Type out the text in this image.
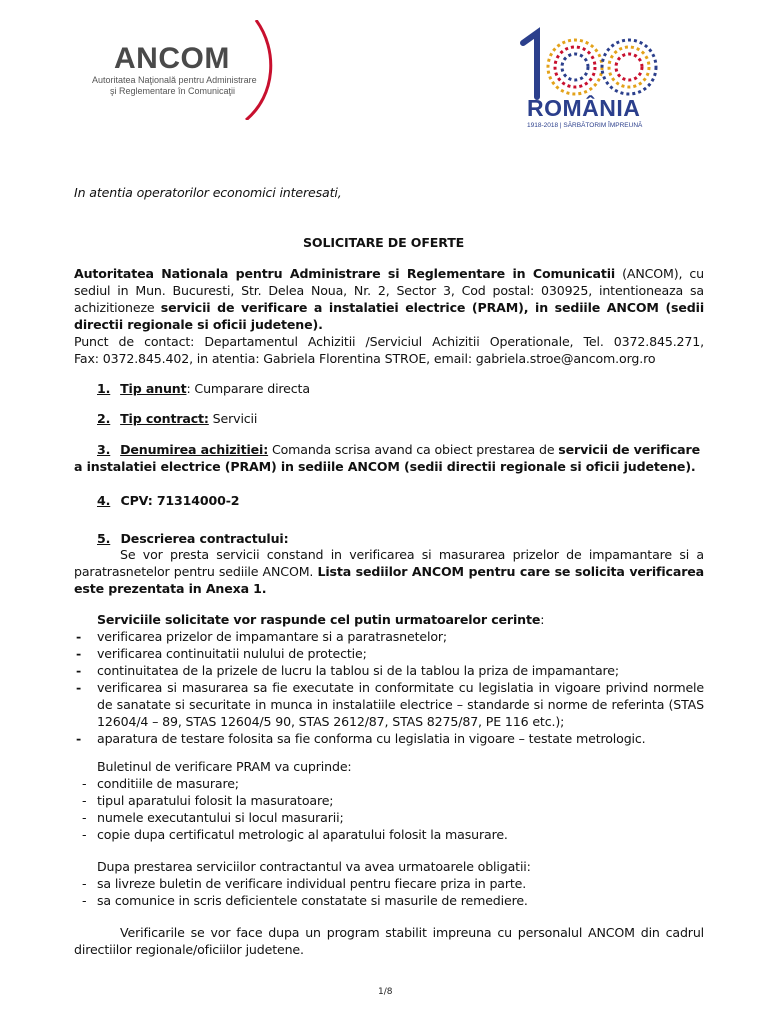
ANCOM
Autoritatea Naţională pentru Administrare
şi Reglementare în Comunicaţii
ROMÂNIA
1918-2018 | SĂRBĂTORIM ÎMPREUNĂ
In atentia operatorilor economici interesati,
SOLICITARE DE OFERTE
Autoritatea Nationala pentru Administrare si Reglementare in Comunicatii (ANCOM), cu
sediul in Mun. Bucuresti, Str. Delea Noua, Nr. 2, Sector 3, Cod postal: 030925, intentioneaza sa
achizitioneze servicii de verificare a instalatiei electrice (PRAM), in sediile ANCOM (sedii
directii regionale si oficii judetene).
Punct de contact: Departamentul Achizitii /Serviciul Achizitii Operationale, Tel. 0372.845.271,
Fax: 0372.845.402, in atentia: Gabriela Florentina STROE, email: gabriela.stroe@ancom.org.ro
1. Tip anunt: Cumparare directa
2. Tip contract: Servicii
3. Denumirea achizitiei: Comanda scrisa avand ca obiect prestarea de servicii de verificare
a instalatiei electrice (PRAM) in sediile ANCOM (sedii directii regionale si oficii judetene).
4. CPV: 71314000-2
5. Descrierea contractului:
Se vor presta servicii constand in verificarea si masurarea prizelor de impamantare si a
paratrasnetelor pentru sediile ANCOM. Lista sediilor ANCOM pentru care se solicita verificarea
este prezentata in Anexa 1.
Serviciile solicitate vor raspunde cel putin urmatoarelor cerinte:
-	verificarea prizelor de impamantare si a paratrasnetelor;
-	verificarea continuitatii nulului de protectie;
-	continuitatea de la prizele de lucru la tablou si de la tablou la priza de impamantare;
-	verificarea si masurarea sa fie executate in conformitate cu legislatia in vigoare privind normele
de sanatate si securitate in munca in instalatiile electrice – standarde si norme de referinta (STAS
12604/4 – 89, STAS 12604/5 90, STAS 2612/87, STAS 8275/87, PE 116 etc.);
-	aparatura de testare folosita sa fie conforma cu legislatia in vigoare – testate metrologic.
Buletinul de verificare PRAM va cuprinde:
- conditiile de masurare;
- tipul aparatului folosit la masuratoare;
- numele executantului si locul masurarii;
- copie dupa certificatul metrologic al aparatului folosit la masurare.
Dupa prestarea serviciilor contractantul va avea urmatoarele obligatii:
- sa livreze buletin de verificare individual pentru fiecare priza in parte.
- sa comunice in scris deficientele constatate si masurile de remediere.
Verificarile se vor face dupa un program stabilit impreuna cu personalul ANCOM din cadrul
directiilor regionale/oficiilor judetene.
1/8
